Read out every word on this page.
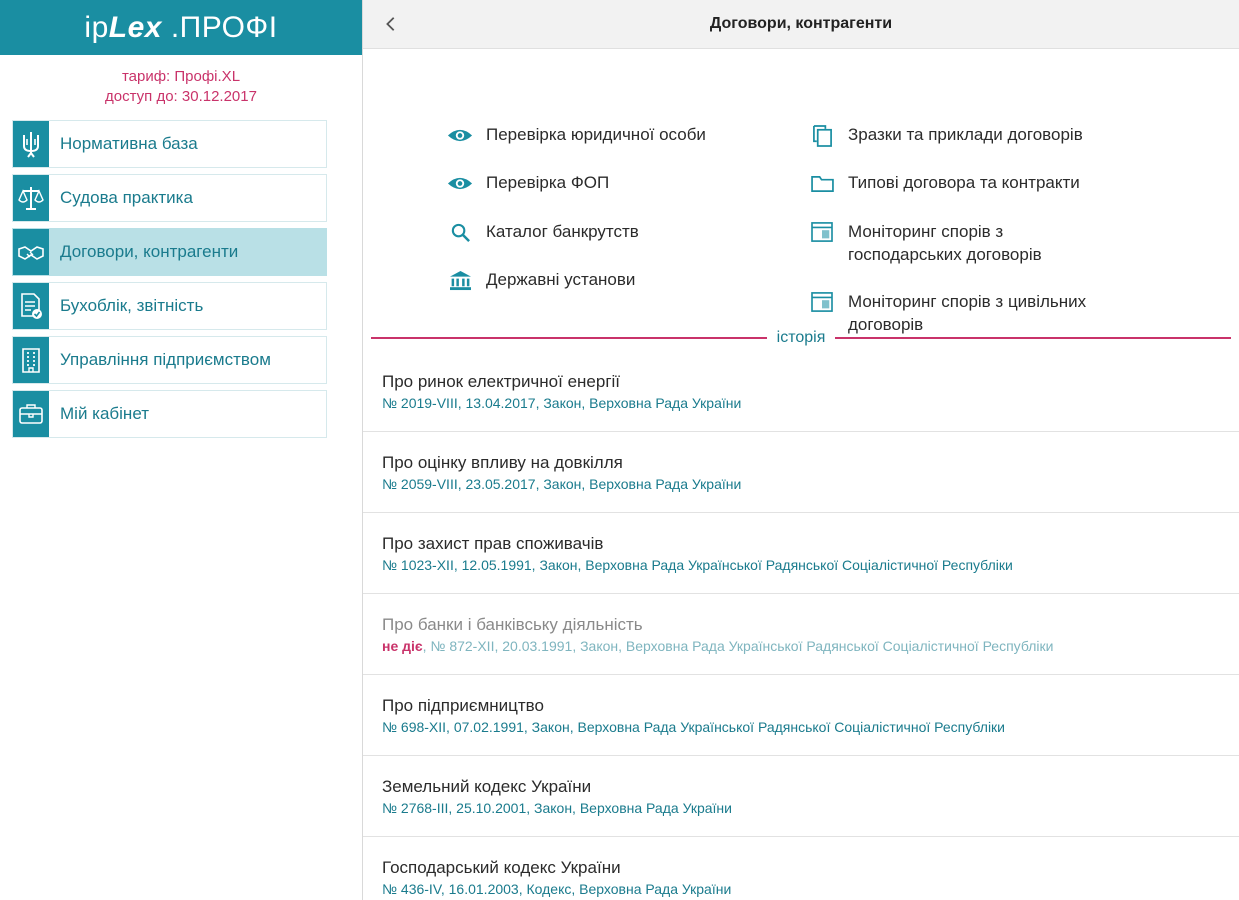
ipLex .ПРОФІ
тариф: Профі.XL
доступ до: 30.12.2017
Нормативна база
Судова практика
Договори, контрагенти
Бухоблік, звітність
Управління підприємством
Мій кабінет
Договори, контрагенти
Перевірка юридичної особи
Перевірка ФОП
Каталог банкрутств
Державні установи
Зразки та приклади договорів
Типові договора та контракти
Моніторинг спорів з
господарських договорів
Моніторинг спорів з цивільних
договорів
історія
Про ринок електричної енергії
№ 2019-VIII, 13.04.2017, Закон, Верховна Рада України
Про оцінку впливу на довкілля
№ 2059-VIII, 23.05.2017, Закон, Верховна Рада України
Про захист прав споживачів
№ 1023-XII, 12.05.1991, Закон, Верховна Рада Української Радянської Соціалістичної Республіки
Про банки і банківську діяльність
не діє, № 872-XII, 20.03.1991, Закон, Верховна Рада Української Радянської Соціалістичної Республіки
Про підприємництво
№ 698-XII, 07.02.1991, Закон, Верховна Рада Української Радянської Соціалістичної Республіки
Земельний кодекс України
№ 2768-III, 25.10.2001, Закон, Верховна Рада України
Господарський кодекс України
№ 436-IV, 16.01.2003, Кодекс, Верховна Рада України
